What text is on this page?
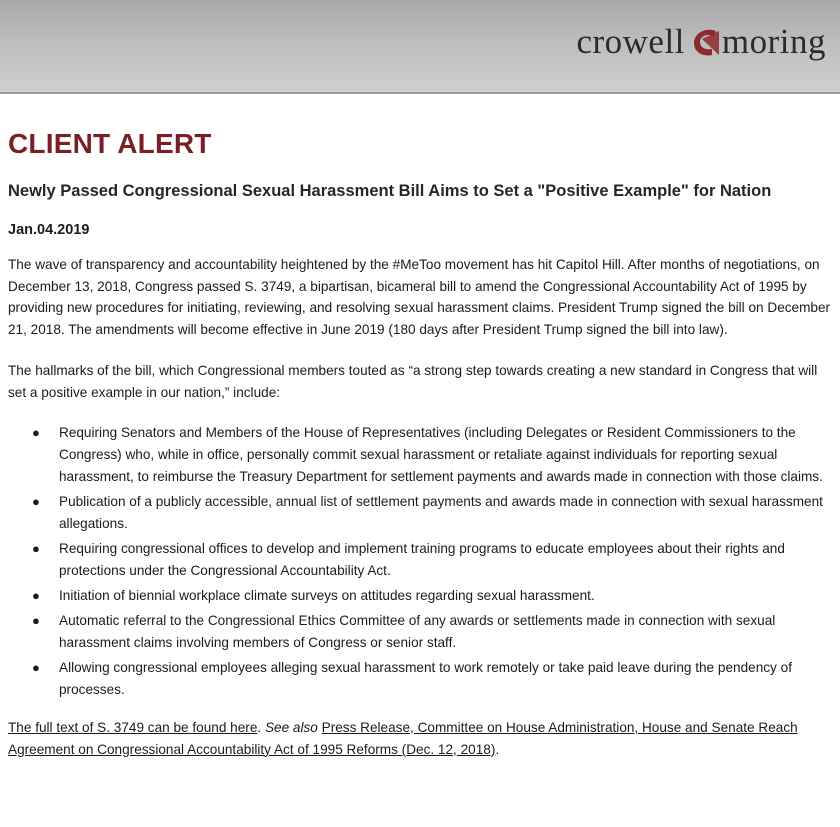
crowell moring
CLIENT ALERT
Newly Passed Congressional Sexual Harassment Bill Aims to Set a "Positive Example" for Nation
Jan.04.2019

The wave of transparency and accountability heightened by the #MeToo movement has hit Capitol Hill. After months of negotiations, on December 13, 2018, Congress passed S. 3749, a bipartisan, bicameral bill to amend the Congressional Accountability Act of 1995 by providing new procedures for initiating, reviewing, and resolving sexual harassment claims. President Trump signed the bill on December 21, 2018. The amendments will become effective in June 2019 (180 days after President Trump signed the bill into law).

The hallmarks of the bill, which Congressional members touted as “a strong step towards creating a new standard in Congress that will set a positive example in our nation,” include:

● Requiring Senators and Members of the House of Representatives (including Delegates or Resident Commissioners to the Congress) who, while in office, personally commit sexual harassment or retaliate against individuals for reporting sexual harassment, to reimburse the Treasury Department for settlement payments and awards made in connection with those claims.
● Publication of a publicly accessible, annual list of settlement payments and awards made in connection with sexual harassment allegations.
● Requiring congressional offices to develop and implement training programs to educate employees about their rights and protections under the Congressional Accountability Act.
● Initiation of biennial workplace climate surveys on attitudes regarding sexual harassment.
● Automatic referral to the Congressional Ethics Committee of any awards or settlements made in connection with sexual harassment claims involving members of Congress or senior staff.
● Allowing congressional employees alleging sexual harassment to work remotely or take paid leave during the pendency of processes.
The full text of S. 3749 can be found here. See also Press Release, Committee on House Administration, House and Senate Reach Agreement on Congressional Accountability Act of 1995 Reforms (Dec. 12, 2018).
